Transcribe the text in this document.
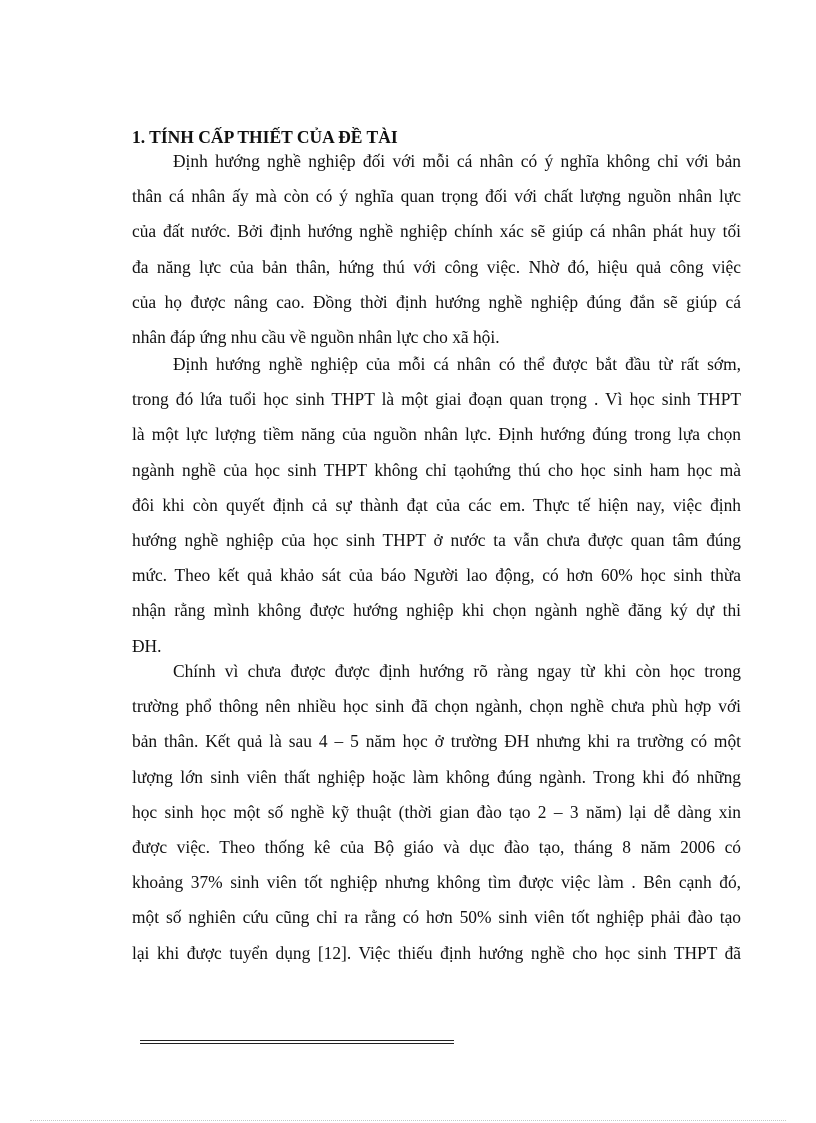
1. TÍNH CẤP THIẾT CỦA ĐỀ TÀI
Định hướng nghề nghiệp đối với mỗi cá nhân có ý nghĩa không chỉ với bản
thân cá nhân ấy mà còn có ý nghĩa quan trọng đối với chất lượng nguồn nhân lực
của đất nước. Bởi định hướng nghề nghiệp chính xác sẽ giúp cá nhân phát huy tối
đa năng lực của bản thân, hứng thú với công việc. Nhờ đó, hiệu quả công việc
của họ được nâng cao. Đồng thời định hướng nghề nghiệp đúng đắn sẽ giúp cá
nhân đáp ứng nhu cầu về nguồn nhân lực cho xã hội.
Định hướng nghề nghiệp của mỗi cá nhân có thể được bắt đầu từ rất sớm,
trong đó lứa tuổi học sinh THPT là một giai đoạn quan trọng . Vì học sinh THPT
là một lực lượng tiềm năng của nguồn nhân lực. Định hướng đúng trong lựa chọn
ngành nghề của học sinh THPT không chỉ tạohứng thú cho học sinh ham học mà
đôi khi còn quyết định cả sự thành đạt của các em. Thực tế hiện nay, việc định
hướng nghề nghiệp của học sinh THPT ở nước ta vẫn chưa được quan tâm đúng
mức. Theo kết quả khảo sát của báo Người lao động, có hơn 60% học sinh thừa
nhận rằng mình không được hướng nghiệp khi chọn ngành nghề đăng ký dự thi
ĐH.
Chính vì chưa được được định hướng rõ ràng ngay từ khi còn học trong
trường phổ thông nên nhiều học sinh đã chọn ngành, chọn nghề chưa phù hợp với
bản thân. Kết quả là sau 4 – 5 năm học ở trường ĐH nhưng khi ra trường có một
lượng lớn sinh viên thất nghiệp hoặc làm không đúng ngành. Trong khi đó những
học sinh học một số nghề kỹ thuật (thời gian đào tạo 2 – 3 năm) lại dễ dàng xin
được việc. Theo thống kê của Bộ giáo và dục đào tạo, tháng 8 năm 2006 có
khoảng 37% sinh viên tốt nghiệp nhưng không tìm được việc làm . Bên cạnh đó,
một số nghiên cứu cũng chỉ ra rằng có hơn 50% sinh viên tốt nghiệp phải đào tạo
lại khi được tuyển dụng [12]. Việc thiếu định hướng nghề cho học sinh THPT đã
